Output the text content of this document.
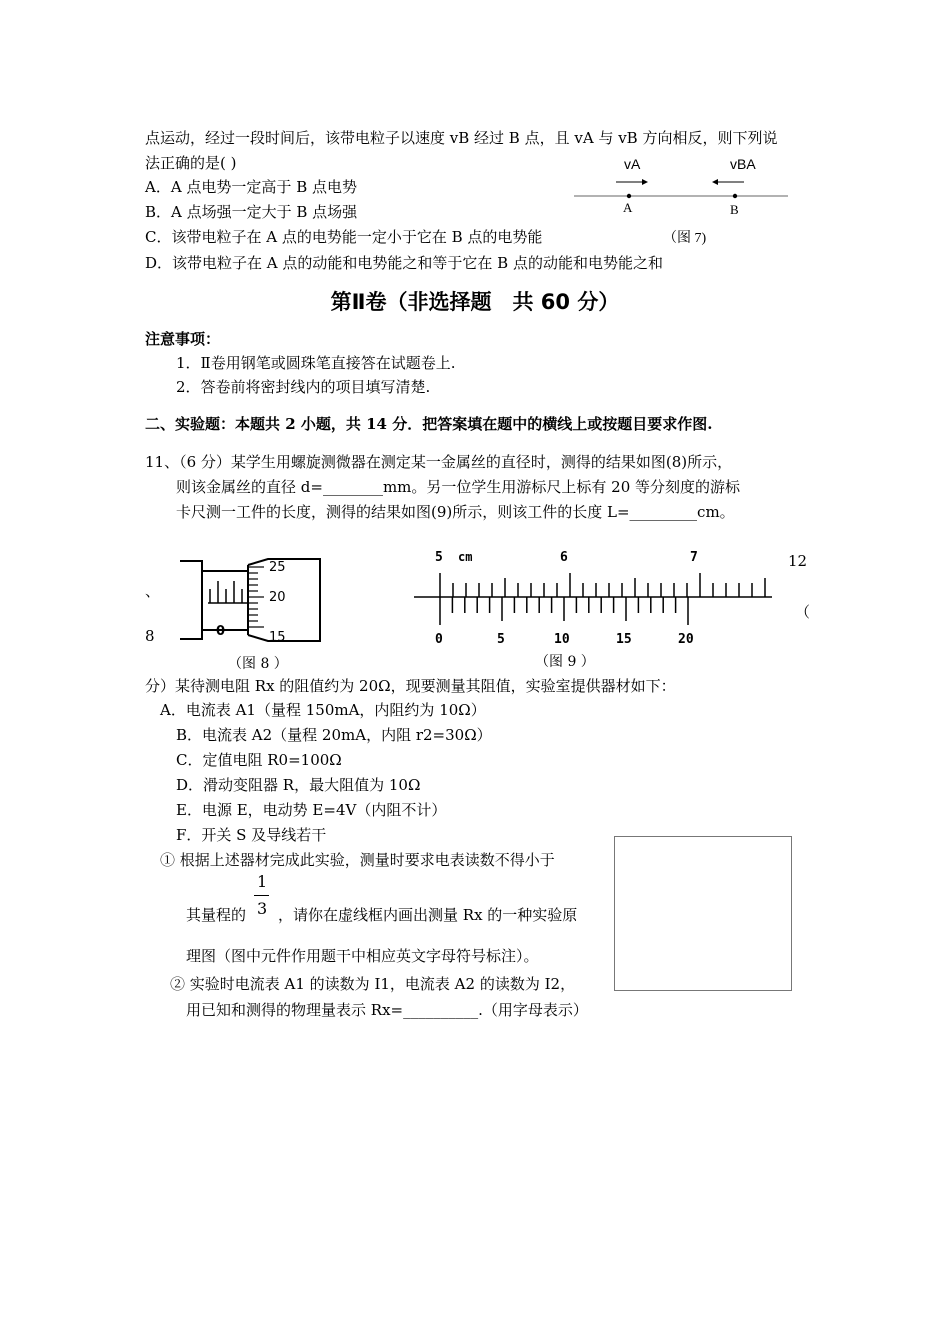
点运动，经过一段时间后，该带电粒子以速度 vB 经过 B 点，且 vA 与 vB 方向相反，则下列说
法正确的是( )
A．A 点电势一定高于 B 点电势
B．A 点场强一定大于 B 点场强
C．该带电粒子在 A 点的电势能一定小于它在 B 点的电势能
D．该带电粒子在 A 点的动能和电势能之和等于它在 B 点的动能和电势能之和
vA	vBA
A	B
（图 7)
第Ⅱ卷（非选择题　共 60 分）
注意事项：
1．Ⅱ卷用钢笔或圆珠笔直接答在试题卷上.
2．答卷前将密封线内的项目填写清楚.
二、实验题：本题共 2 小题，共 14 分．把答案填在题中的横线上或按题目要求作图.
11、（6 分）某学生用螺旋测微器在测定某一金属丝的直径时，测得的结果如图(8)所示，
则该金属丝的直径 d=________mm。另一位学生用游标尺上标有 20 等分刻度的游标
卡尺测一工件的长度，测得的结果如图(9)所示，则该工件的长度 L=_________cm。
25
20
15
0
（图 8 ）
5 cm	6	7
0	5	10	15	20
（图 9 ）
12
、
（
8
分）某待测电阻 Rx 的阻值约为 20Ω，现要测量其阻值，实验室提供器材如下：
A．电流表 A1（量程 150mA，内阻约为 10Ω）
B．电流表 A2（量程 20mA，内阻 r2=30Ω）
C．定值电阻 R0=100Ω
D．滑动变阻器 R，最大阻值为 10Ω
E．电源 E，电动势 E=4V（内阻不计）
F．开关 S 及导线若干
① 根据上述器材完成此实验，测量时要求电表读数不得小于
其量程的
1
3 ，请你在虚线框内画出测量 Rx 的一种实验原
理图（图中元件作用题干中相应英文字母符号标注）。
② 实验时电流表 A1 的读数为 I1，电流表 A2 的读数为 I2，
用已知和测得的物理量表示 Rx=__________.（用字母表示）
